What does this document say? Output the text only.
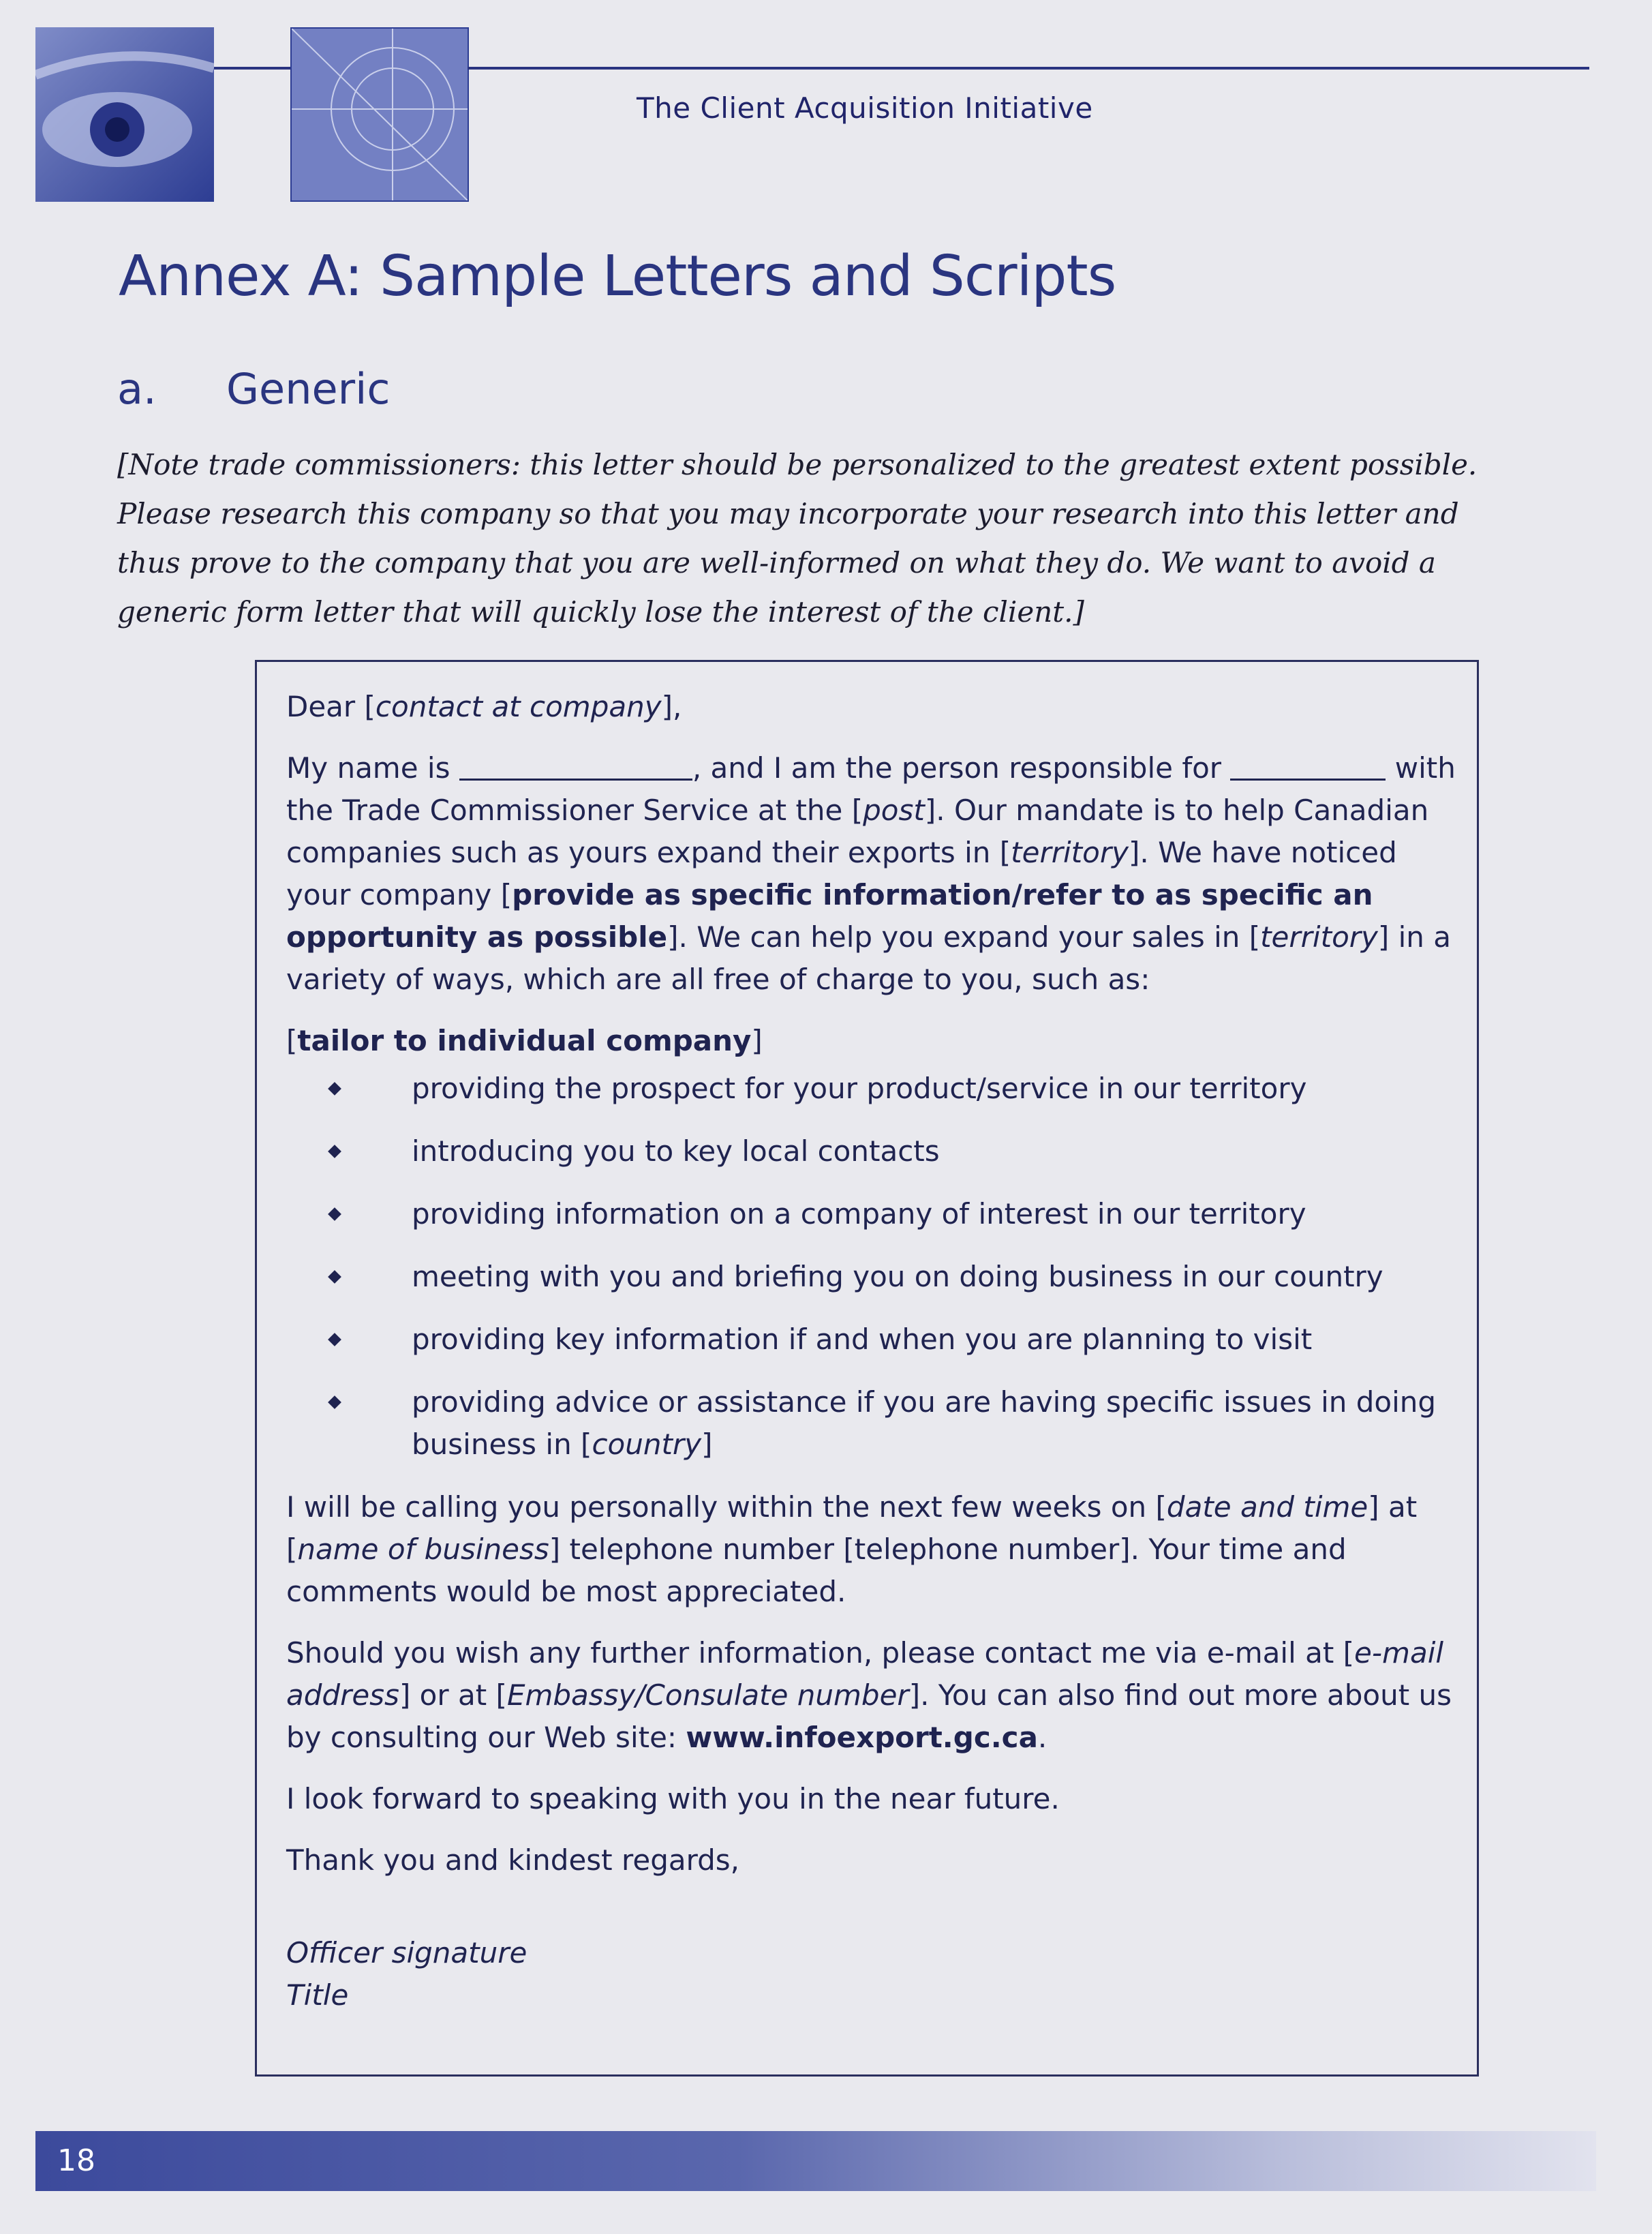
The Client Acquisition Initiative
Annex A: Sample Letters and Scripts
a. Generic
[Note trade commissioners: this letter should be personalized to the greatest extent possible. Please research this company so that you may incorporate your research into this letter and thus prove to the company that you are well-informed on what they do. We want to avoid a generic form letter that will quickly lose the interest of the client.]

Dear [contact at company],

My name is	, and I am the person responsible for	with the Trade Commissioner Service at the [post]. Our mandate is to help Canadian companies such as yours expand their exports in [territory]. We have noticed your company [provide as specific information/refer to as specific an opportunity as possible]. We can help you expand your sales in [territory] in a variety of ways, which are all free of charge to you, such as:

[tailor to individual company]
providing the prospect for your product/service in our territory
introducing you to key local contacts
providing information on a company of interest in our territory
meeting with you and briefing you on doing business in our country
providing key information if and when you are planning to visit
providing advice or assistance if you are having specific issues in doing business in [country]

I will be calling you personally within the next few weeks on [date and time] at [name of business] telephone number [telephone number]. Your time and comments would be most appreciated.

Should you wish any further information, please contact me via e-mail at [e-mail address] or at [Embassy/Consulate number]. You can also find out more about us by consulting our Web site: www.infoexport.gc.ca.

I look forward to speaking with you in the near future.

Thank you and kindest regards,

Officer signature
Title
18
